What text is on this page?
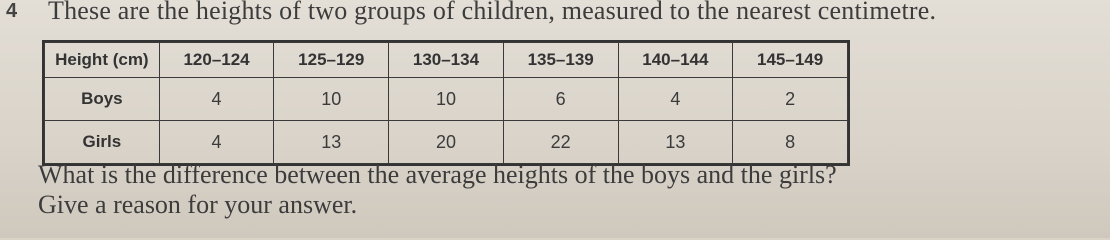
4 These are the heights of two groups of children, measured to the nearest centimetre.
Height (cm)	120–124	125–129	130–134	135–139	140–144	145–149
Boys	4	10	10	6	4	2
Girls	4	13	20	22	13	8
What is the difference between the average heights of the boys and the girls?
Give a reason for your answer.
